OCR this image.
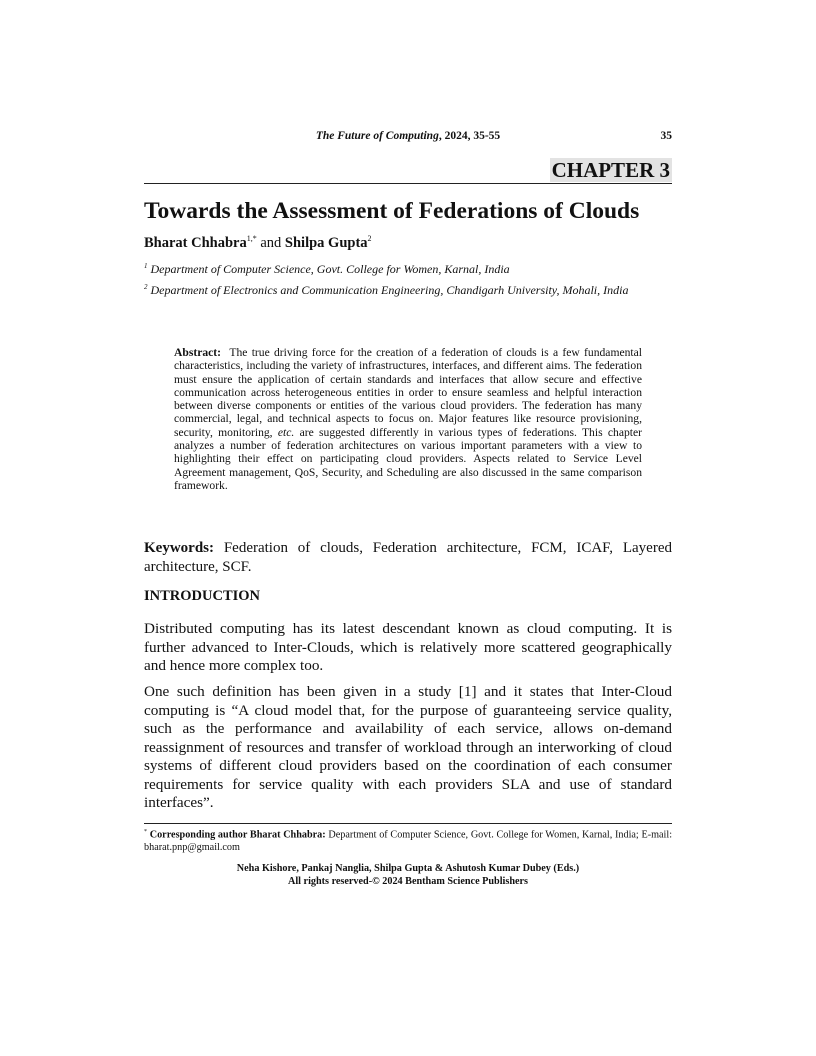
The Future of Computing, 2024, 35-55	35
CHAPTER 3
Towards the Assessment of Federations of Clouds
Bharat Chhabra$^{1,*}$ and Shilpa Gupta$^2$
$^1$ Department of Computer Science, Govt. College for Women, Karnal, India
$^2$ Department of Electronics and Communication Engineering, Chandigarh University, Mohali, India
Abstract: The true driving force for the creation of a federation of clouds is a few fundamental characteristics, including the variety of infrastructures, interfaces, and different aims. The federation must ensure the application of certain standards and interfaces that allow secure and effective communication across heterogeneous entities in order to ensure seamless and helpful interaction between diverse components or entities of the various cloud providers. The federation has many commercial, legal, and technical aspects to focus on. Major features like resource provisioning, security, monitoring, etc. are suggested differently in various types of federations. This chapter analyzes a number of federation architectures on various important parameters with a view to highlighting their effect on participating cloud providers. Aspects related to Service Level Agreement management, QoS, Security, and Scheduling are also discussed in the same comparison framework.
Keywords: Federation of clouds, Federation architecture, FCM, ICAF, Layered architecture, SCF.
INTRODUCTION
Distributed computing has its latest descendant known as cloud computing. It is further advanced to Inter-Clouds, which is relatively more scattered geographically and hence more complex too.
One such definition has been given in a study [1] and it states that Inter-Cloud computing is “A cloud model that, for the purpose of guaranteeing service quality, such as the performance and availability of each service, allows on-demand reassignment of resources and transfer of workload through an interworking of cloud systems of different cloud providers based on the coordination of each consumer requirements for service quality with each providers SLA and use of standard interfaces”.
* Corresponding author Bharat Chhabra: Department of Computer Science, Govt. College for Women, Karnal, India; E-mail: bharat.pnp@gmail.com
Neha Kishore, Pankaj Nanglia, Shilpa Gupta & Ashutosh Kumar Dubey (Eds.)
All rights reserved-© 2024 Bentham Science Publishers
